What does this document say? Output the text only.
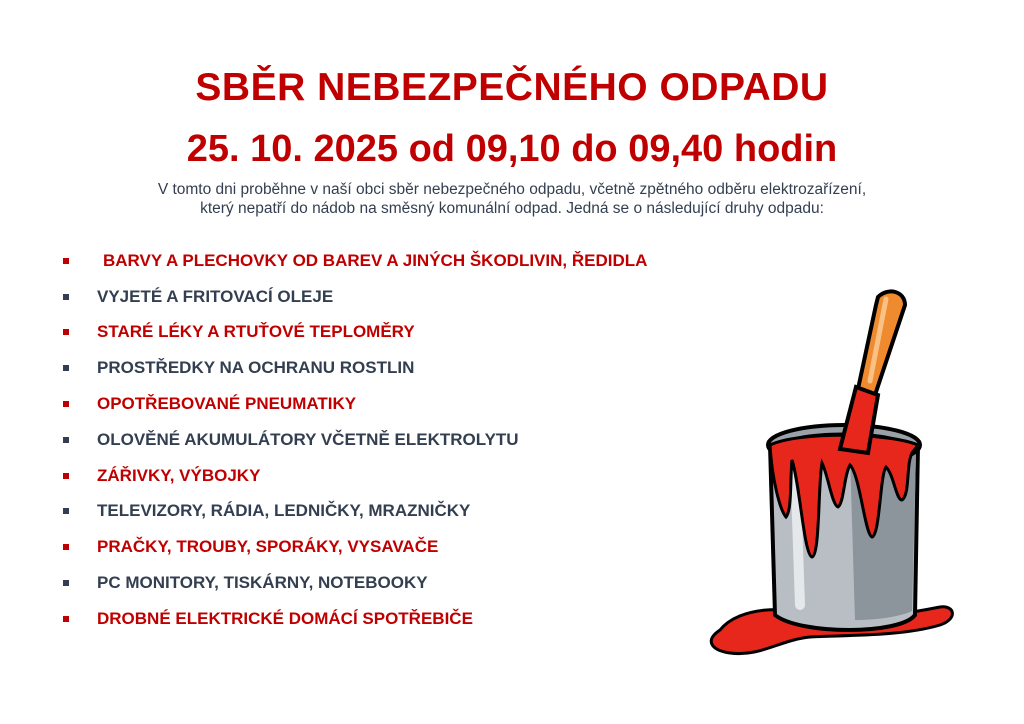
SBĚR NEBEZPEČNÉHO ODPADU
25. 10. 2025 od 09,10 do 09,40 hodin

V tomto dni proběhne v naší obci sběr nebezpečného odpadu, včetně zpětného odběru elektrozařízení,
který nepatří do nádob na směsný komunální odpad. Jedná se o následující druhy odpadu:

BARVY A PLECHOVKY OD BAREV A JINÝCH ŠKODLIVIN, ŘEDIDLA
VYJETÉ A FRITOVACÍ OLEJE
STARÉ LÉKY A RTUŤOVÉ TEPLOMĚRY
PROSTŘEDKY NA OCHRANU ROSTLIN
OPOTŘEBOVANÉ PNEUMATIKY
OLOVĚNÉ AKUMULÁTORY VČETNĚ ELEKTROLYTU
ZÁŘIVKY, VÝBOJKY
TELEVIZORY, RÁDIA, LEDNIČKY, MRAZNIČKY
PRAČKY, TROUBY, SPORÁKY, VYSAVAČE
PC MONITORY, TISKÁRNY, NOTEBOOKY
DROBNÉ ELEKTRICKÉ DOMÁCÍ SPOTŘEBIČE
